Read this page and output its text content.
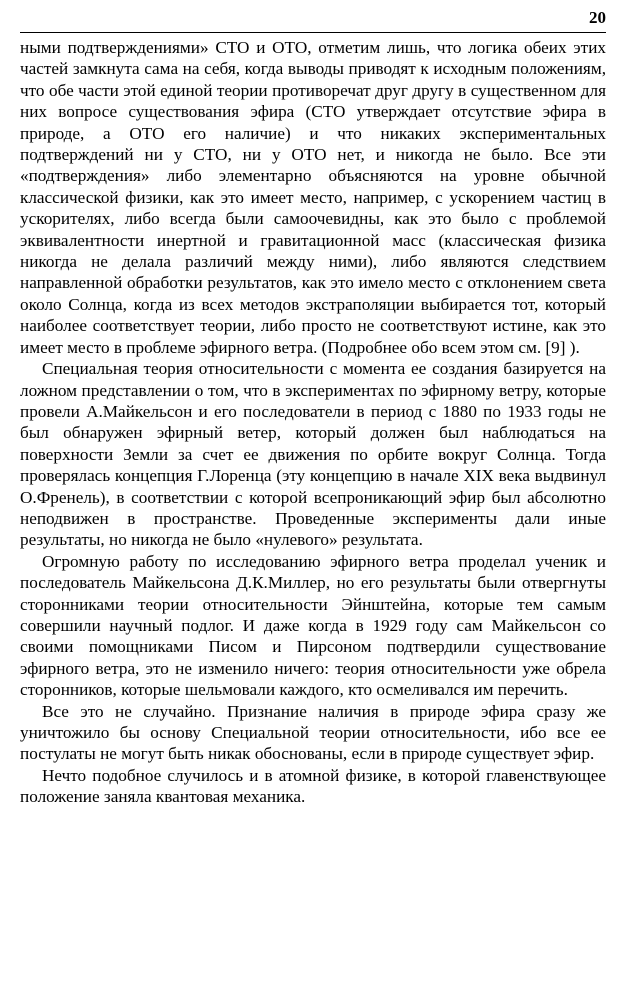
20

ными подтверждениями» СТО и ОТО, отметим лишь, что логика обеих этих частей замкнута сама на себя, когда выводы приводят к исходным положениям, что обе части этой единой теории противоречат друг другу в существенном для них вопросе существования эфира (СТО утверждает отсутствие эфира в природе, а ОТО его наличие) и что никаких экспериментальных подтверждений ни у СТО, ни у ОТО нет, и никогда не было. Все эти «подтверждения» либо элементарно объясняются на уровне обычной классической физики, как это имеет место, например, с ускорением частиц в ускорителях, либо всегда были самоочевидны, как это было с проблемой эквивалентности инертной и гравитационной масс (классическая физика никогда не делала различий между ними), либо являются следствием направленной обработки результатов, как это имело место с отклонением света около Солнца, когда из всех методов экстраполяции выбирается тот, который наиболее соответствует теории, либо просто не соответствуют истине, как это имеет место в проблеме эфирного ветра. (Подробнее обо всем этом см. [9] ).

Специальная теория относительности с момента ее создания базируется на ложном представлении о том, что в экспериментах по эфирному ветру, которые провели А.Майкельсон и его последователи в период с 1880 по 1933 годы не был обнаружен эфирный ветер, который должен был наблюдаться на поверхности Земли за счет ее движения по орбите вокруг Солнца. Тогда проверялась концепция Г.Лоренца (эту концепцию в начале XIX века выдвинул О.Френель), в соответствии с которой всепроникающий эфир был абсолютно неподвижен в пространстве. Проведенные эксперименты дали иные результаты, но никогда не было «нулевого» результата.

Огромную работу по исследованию эфирного ветра проделал ученик и последователь Майкельсона Д.К.Миллер, но его результаты были отвергнуты сторонниками теории относительности Эйнштейна, которые тем самым совершили научный подлог. И даже когда в 1929 году сам Майкельсон со своими помощниками Писом и Пирсоном подтвердили существование эфирного ветра, это не изменило ничего: теория относительности уже обрела сторонников, которые шельмовали каждого, кто осмеливался им перечить.

Все это не случайно. Признание наличия в природе эфира сразу же уничтожило бы основу Специальной теории относительности, ибо все ее постулаты не могут быть никак обоснованы, если в природе существует эфир.

Нечто подобное случилось и в атомной физике, в которой главенствующее положение заняла квантовая механика.
